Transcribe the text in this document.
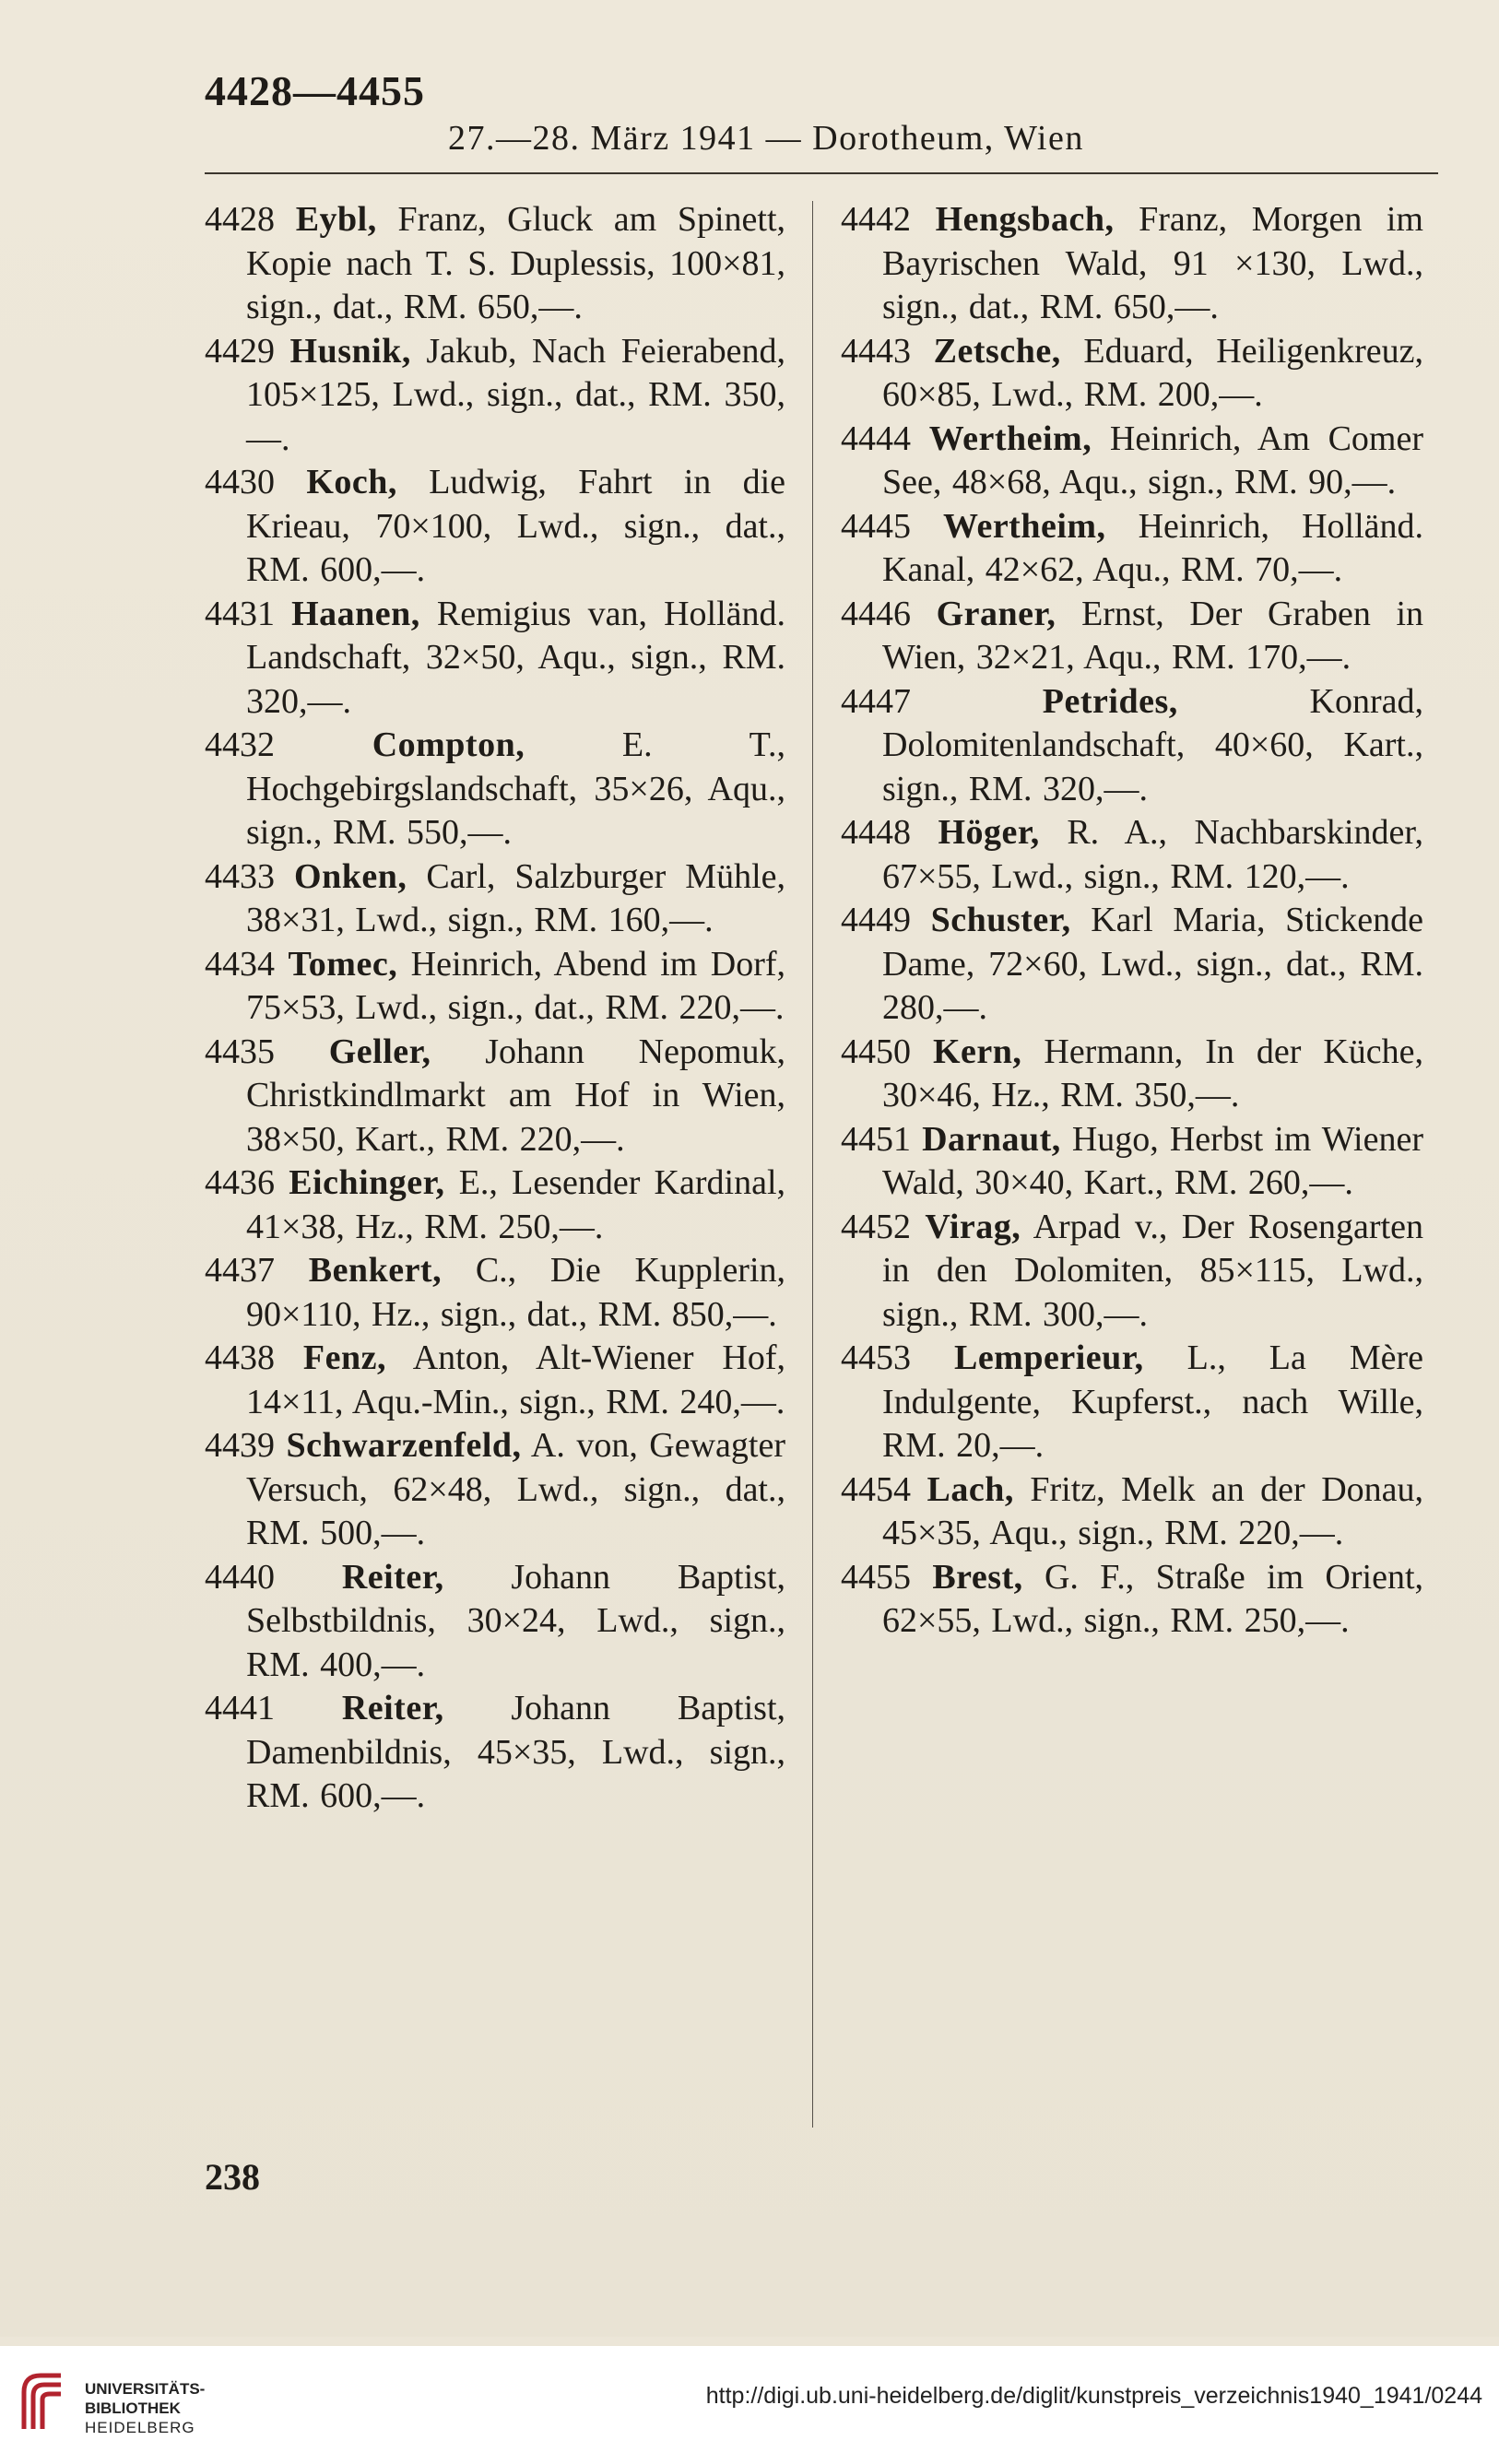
4428—4455
27.—28. März 1941 — Dorotheum, Wien
4428 Eybl, Franz, Gluck am Spinett, Kopie nach T. S. Duplessis, 100×81, sign., dat., RM. 650,—.
4429 Husnik, Jakub, Nach Feierabend, 105×125, Lwd., sign., dat., RM. 350,—.
4430 Koch, Ludwig, Fahrt in die Krieau, 70×100, Lwd., sign., dat., RM. 600,—.
4431 Haanen, Remigius van, Holländ. Landschaft, 32×50, Aqu., sign., RM. 320,—.
4432	Compton,	E. T., Hochgebirgslandschaft, 35×26, Aqu., sign., RM. 550,—.
4433 Onken, Carl, Salzburger Mühle, 38×31, Lwd., sign., RM. 160,—.
4434 Tomec, Heinrich, Abend im Dorf, 75×53, Lwd., sign., dat., RM. 220,—.
4435 Geller, Johann Nepomuk, Christkindlmarkt am Hof in Wien, 38×50, Kart., RM. 220,—.
4436 Eichinger, E., Lesender Kardinal, 41×38, Hz., RM. 250,—.
4437 Benkert, C., Die Kupplerin, 90×110, Hz., sign., dat., RM. 850,—.
4438 Fenz, Anton, Alt-Wiener Hof, 14×11, Aqu.-Min., sign., RM. 240,—.
4439 Schwarzenfeld, A. von, Gewagter Versuch, 62×48, Lwd., sign., dat., RM. 500,—.
4440 Reiter, Johann Baptist, Selbstbildnis, 30×24, Lwd., sign., RM. 400,—.
4441 Reiter, Johann Baptist, Damenbildnis, 45×35, Lwd., sign., RM. 600,—.
4442 Hengsbach, Franz, Morgen im Bayrischen Wald, 91 ×130, Lwd., sign., dat., RM. 650,—.
4443 Zetsche, Eduard, Heiligenkreuz, 60×85, Lwd., RM. 200,—.
4444 Wertheim, Heinrich, Am Comer See, 48×68, Aqu., sign., RM. 90,—.
4445 Wertheim, Heinrich, Holländ. Kanal, 42×62, Aqu., RM. 70,—.
4446 Graner, Ernst, Der Graben in Wien, 32×21, Aqu., RM. 170,—.
4447	Petrides,	Konrad, Dolomitenlandschaft, 40×60, Kart., sign., RM. 320,—.
4448 Höger, R. A., Nachbarskinder, 67×55, Lwd., sign., RM. 120,—.
4449 Schuster, Karl Maria, Stickende Dame, 72×60, Lwd., sign., dat., RM. 280,—.
4450 Kern, Hermann, In der Küche, 30×46, Hz., RM. 350,—.
4451 Darnaut, Hugo, Herbst im Wiener Wald, 30×40, Kart., RM. 260,—.
4452 Virag, Arpad v., Der Rosengarten in den Dolomiten, 85×115, Lwd., sign., RM. 300,—.
4453 Lemperieur, L., La Mère Indulgente, Kupferst., nach Wille, RM. 20,—.
4454 Lach, Fritz, Melk an der Donau, 45×35, Aqu., sign., RM. 220,—.
4455 Brest, G. F., Straße im Orient, 62×55, Lwd., sign., RM. 250,—.
238
UNIVERSITÄTS-
BIBLIOTHEK
HEIDELBERG
http://digi.ub.uni-heidelberg.de/diglit/kunstpreis_verzeichnis1940_1941/0244
